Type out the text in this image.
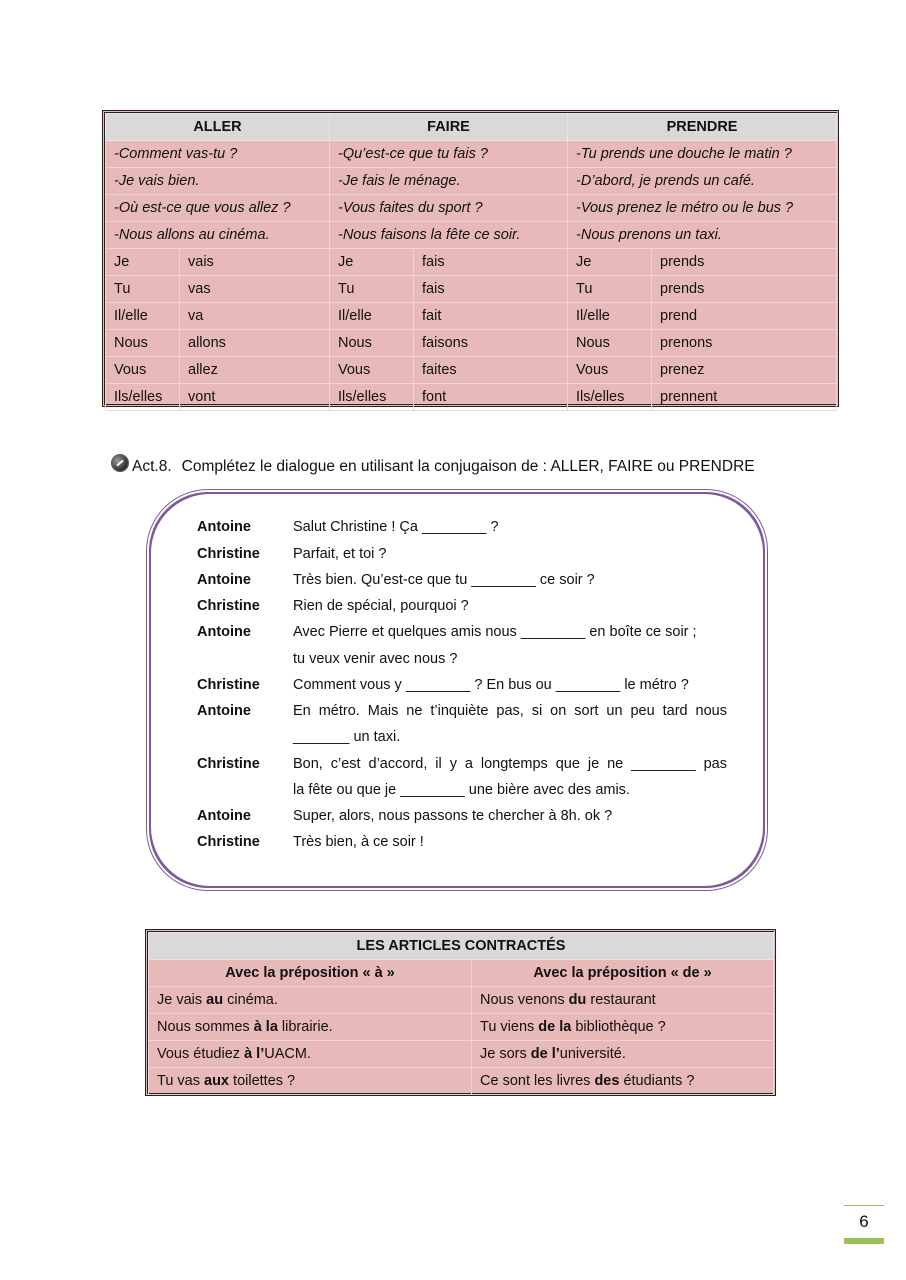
ALLER		FAIRE		PRENDRE	
-Comment vas-tu ?		-Qu’est-ce que tu fais ?		-Tu prends une douche le matin ?	
-Je vais bien.		-Je fais le ménage.		-D’abord, je prends un café.	
-Où est-ce que vous allez ?		-Vous faites du sport ?		-Vous prenez le métro ou le bus ?	
-Nous allons au cinéma.		-Nous faisons la fête ce soir.		-Nous prenons un taxi.	
Je	vais	Je	fais	Je	prends
Tu	vas	Tu	fais	Tu	prends
Il/elle	va	Il/elle	fait	Il/elle	prend
Nous	allons	Nous	faisons	Nous	prenons
Vous	allez	Vous	faites	Vous	prenez
Ils/elles	vont	Ils/elles	font	Ils/elles	prennent
Act.8. Complétez le dialogue en utilisant la conjugaison de : ALLER, FAIRE ou PRENDRE
Antoine	Salut Christine ! Ça ________ ?
Christine	Parfait, et toi ?
Antoine	Très bien. Qu’est-ce que tu ________ ce soir ?
Christine	Rien de spécial, pourquoi ?
Antoine	Avec Pierre et quelques amis nous ________ en boîte ce soir ;
tu veux venir avec nous ?
Christine	Comment vous y ________ ? En bus ou ________ le métro ?
Antoine	En métro. Mais ne t’inquiète pas, si on sort un peu tard nous
_______ un taxi.
Christine	Bon, c’est d’accord, il y a longtemps que je ne ________ pas
la fête ou que je ________ une bière avec des amis.
Antoine	Super, alors, nous passons te chercher à 8h. ok ?
Christine	Très bien, à ce soir !
LES ARTICLES CONTRACTÉS	
Avec la préposition « à »	Avec la préposition « de »
Je vais au cinéma.	Nous venons du restaurant
Nous sommes à la librairie.	Tu viens de la bibliothèque ?
Vous étudiez à l’UACM.	Je sors de l’université.
Tu vas aux toilettes ?	Ce sont les livres des étudiants ?
6
